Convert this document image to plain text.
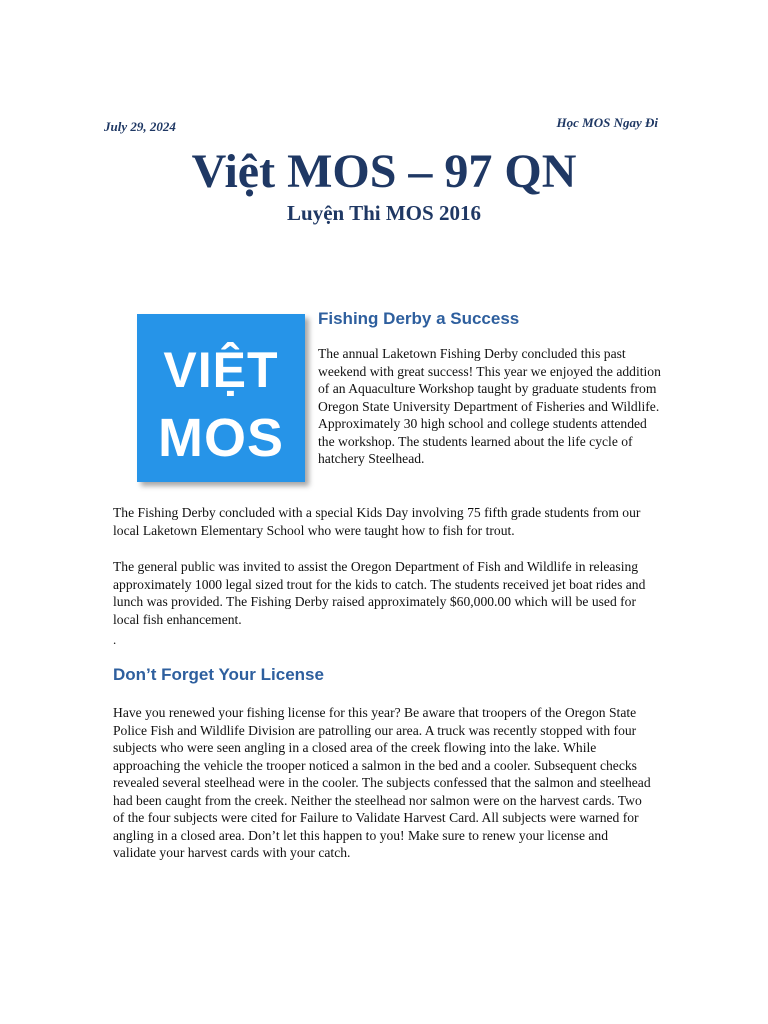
July 29, 2024	Học MOS Ngay Đi
Việt MOS – 97 QN
Luyện Thi MOS 2016
VIỆT
MOS
Fishing Derby a Success

The annual Laketown Fishing Derby concluded this past weekend with great success! This year we enjoyed the addition of an Aquaculture Workshop taught by graduate students from Oregon State University Department of Fisheries and Wildlife. Approximately 30 high school and college students attended the workshop. The students learned about the life cycle of hatchery Steelhead.

The Fishing Derby concluded with a special Kids Day involving 75 fifth grade students from our local Laketown Elementary School who were taught how to fish for trout.

The general public was invited to assist the Oregon Department of Fish and Wildlife in releasing approximately 1000 legal sized trout for the kids to catch. The students received jet boat rides and lunch was provided. The Fishing Derby raised approximately $60,000.00 which will be used for local fish enhancement.

.
Don’t Forget Your License

Have you renewed your fishing license for this year? Be aware that troopers of the Oregon State Police Fish and Wildlife Division are patrolling our area. A truck was recently stopped with four subjects who were seen angling in a closed area of the creek flowing into the lake. While approaching the vehicle the trooper noticed a salmon in the bed and a cooler. Subsequent checks revealed several steelhead were in the cooler. The subjects confessed that the salmon and steelhead had been caught from the creek. Neither the steelhead nor salmon were on the harvest cards. Two of the four subjects were cited for Failure to Validate Harvest Card. All subjects were warned for angling in a closed area. Don’t let this happen to you! Make sure to renew your license and validate your harvest cards with your catch.
